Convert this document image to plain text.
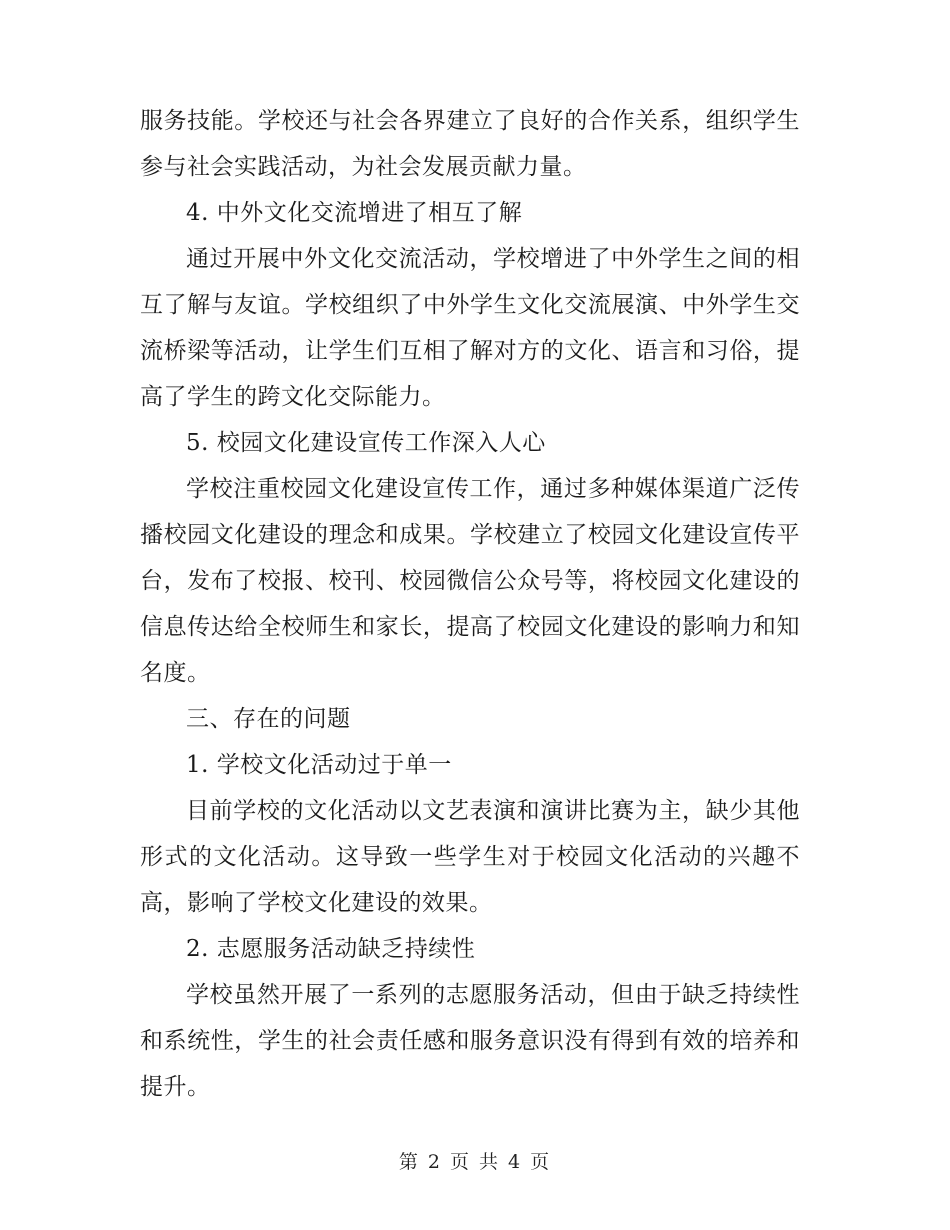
服务技能。学校还与社会各界建立了良好的合作关系，组织学生参与社会实践活动，为社会发展贡献力量。

4. 中外文化交流增进了相互了解

通过开展中外文化交流活动，学校增进了中外学生之间的相互了解与友谊。学校组织了中外学生文化交流展演、中外学生交流桥梁等活动，让学生们互相了解对方的文化、语言和习俗，提高了学生的跨文化交际能力。

5. 校园文化建设宣传工作深入人心

学校注重校园文化建设宣传工作，通过多种媒体渠道广泛传播校园文化建设的理念和成果。学校建立了校园文化建设宣传平台，发布了校报、校刊、校园微信公众号等，将校园文化建设的信息传达给全校师生和家长，提高了校园文化建设的影响力和知名度。

三、存在的问题

1. 学校文化活动过于单一

目前学校的文化活动以文艺表演和演讲比赛为主，缺少其他形式的文化活动。这导致一些学生对于校园文化活动的兴趣不高，影响了学校文化建设的效果。

2. 志愿服务活动缺乏持续性

学校虽然开展了一系列的志愿服务活动，但由于缺乏持续性和系统性，学生的社会责任感和服务意识没有得到有效的培养和提升。

第 2 页 共 4 页
